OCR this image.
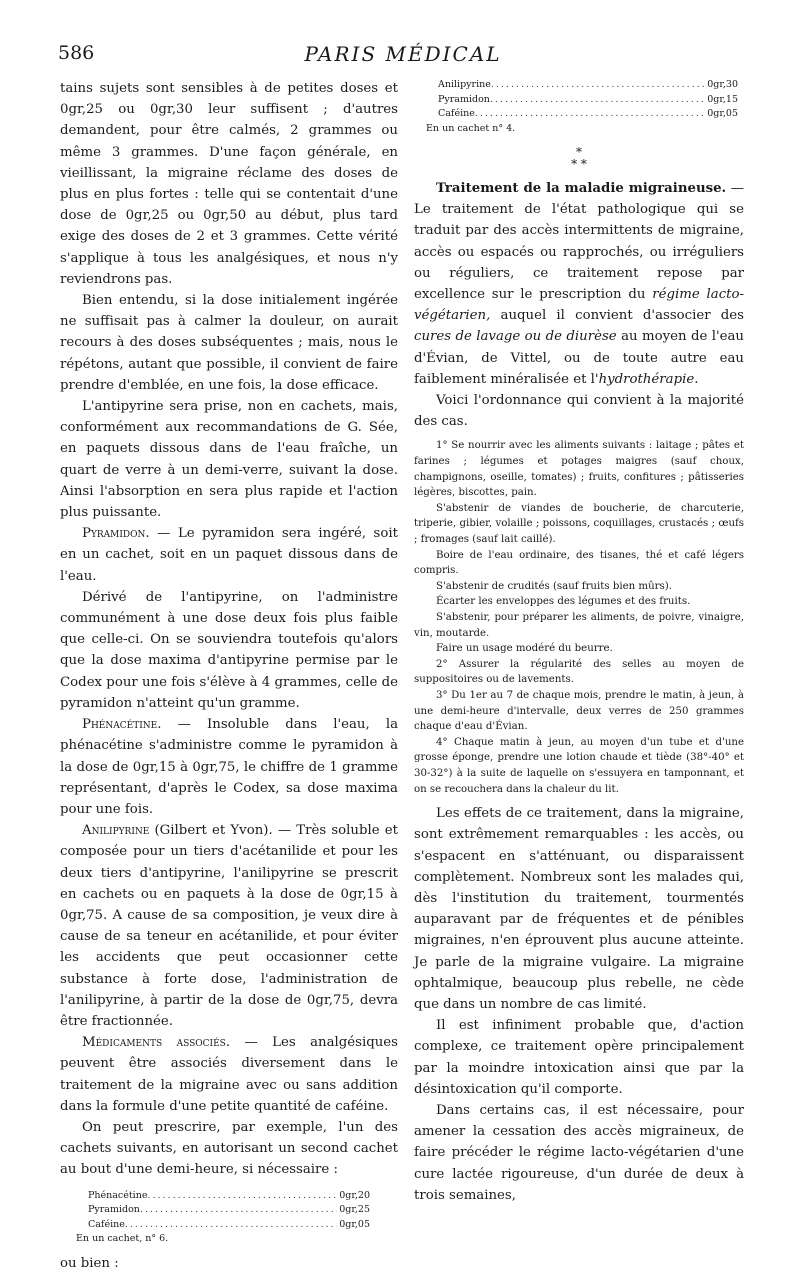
586	PARIS MÉDICAL

tains sujets sont sensibles à de petites doses et 0gr,25 ou 0gr,30 leur suffisent ; d'autres demandent, pour être calmés, 2 grammes ou même 3 grammes. D'une façon générale, en vieillissant, la migraine réclame des doses de plus en plus fortes : telle qui se contentait d'une dose de 0gr,25 ou 0gr,50 au début, plus tard exige des doses de 2 et 3 grammes. Cette vérité s'applique à tous les analgésiques, et nous n'y reviendrons pas.

Bien entendu, si la dose initialement ingérée ne suffisait pas à calmer la douleur, on aurait recours à des doses subséquentes ; mais, nous le répétons, autant que possible, il convient de faire prendre d'emblée, en une fois, la dose efficace.

L'antipyrine sera prise, non en cachets, mais, conformément aux recommandations de G. Sée, en paquets dissous dans de l'eau fraîche, un quart de verre à un demi-verre, suivant la dose. Ainsi l'absorption en sera plus rapide et l'action plus puissante.

Pyramidon. — Le pyramidon sera ingéré, soit en un cachet, soit en un paquet dissous dans de l'eau.

Dérivé de l'antipyrine, on l'administre communément à une dose deux fois plus faible que celle-ci. On se souviendra toutefois qu'alors que la dose maxima d'antipyrine permise par le Codex pour une fois s'élève à 4 grammes, celle de pyramidon n'atteint qu'un gramme.

Phénacétine. — Insoluble dans l'eau, la phénacétine s'administre comme le pyramidon à la dose de 0gr,15 à 0gr,75, le chiffre de 1 gramme représentant, d'après le Codex, sa dose maxima pour une fois.

Anilipyrine (Gilbert et Yvon). — Très soluble et composée pour un tiers d'acétanilide et pour les deux tiers d'antipyrine, l'anilipyrine se prescrit en cachets ou en paquets à la dose de 0gr,15 à 0gr,75. A cause de sa composition, je veux dire à cause de sa teneur en acétanilide, et pour éviter les accidents que peut occasionner cette substance à forte dose, l'administration de l'anilipyrine, à partir de la dose de 0gr,75, devra être fractionnée.

Médicaments associés. — Les analgésiques peuvent être associés diversement dans le traitement de la migraine avec ou sans addition dans la formule d'une petite quantité de caféine.

On peut prescrire, par exemple, l'un des cachets suivants, en autorisant un second cachet au bout d'une demi-heure, si nécessaire :

Phénacétine .....	0gr,20
Pyramidon .....	0gr,25
Caféine .....	0gr,05
En un cachet, n° 6.

ou bien :

Anilipyrine .....	0gr,30
Pyramidon .....	0gr,15
Caféine .....	0gr,05
En un cachet n° 4.
*
* *

Traitement de la maladie migraineuse. — Le traitement de l'état pathologique qui se traduit par des accès intermittents de migraine, accès ou espacés ou rapprochés, ou irréguliers ou réguliers, ce traitement repose par excellence sur le prescription du régime lacto-végétarien, auquel il convient d'associer des cures de lavage ou de diurèse au moyen de l'eau d'Évian, de Vittel, ou de toute autre eau faiblement minéralisée et l'hydrothérapie.

Voici l'ordonnance qui convient à la majorité des cas.

1° Se nourrir avec les aliments suivants : laitage ; pâtes et farines ; légumes et potages maigres (sauf choux, champignons, oseille, tomates) ; fruits, confitures ; pâtisseries légères, biscottes, pain.

S'abstenir de viandes de boucherie, de charcuterie, triperie, gibier, volaille ; poissons, coquillages, crustacés ; œufs ; fromages (sauf lait caillé).

Boire de l'eau ordinaire, des tisanes, thé et café légers compris.

S'abstenir de crudités (sauf fruits bien mûrs).

Écarter les enveloppes des légumes et des fruits.

S'abstenir, pour préparer les aliments, de poivre, vinaigre, vin, moutarde.

Faire un usage modéré du beurre.

2° Assurer la régularité des selles au moyen de suppositoires ou de lavements.

3° Du 1er au 7 de chaque mois, prendre le matin, à jeun, à une demi-heure d'intervalle, deux verres de 250 grammes chaque d'eau d'Évian.

4° Chaque matin à jeun, au moyen d'un tube et d'une grosse éponge, prendre une lotion chaude et tiède (38°-40° et 30-32°) à la suite de laquelle on s'essuyera en tamponnant, et on se recouchera dans la chaleur du lit.

Les effets de ce traitement, dans la migraine, sont extrêmement remarquables : les accès, ou s'espacent en s'atténuant, ou disparaissent complètement. Nombreux sont les malades qui, dès l'institution du traitement, tourmentés auparavant par de fréquentes et de pénibles migraines, n'en éprouvent plus aucune atteinte. Je parle de la migraine vulgaire. La migraine ophtalmique, beaucoup plus rebelle, ne cède que dans un nombre de cas limité.

Il est infiniment probable que, d'action complexe, ce traitement opère principalement par la moindre intoxication ainsi que par la désintoxication qu'il comporte.

Dans certains cas, il est nécessaire, pour amener la cessation des accès migraineux, de faire précéder le régime lacto-végétarien d'une cure lactée rigoureuse, d'un durée de deux à trois semaines,
